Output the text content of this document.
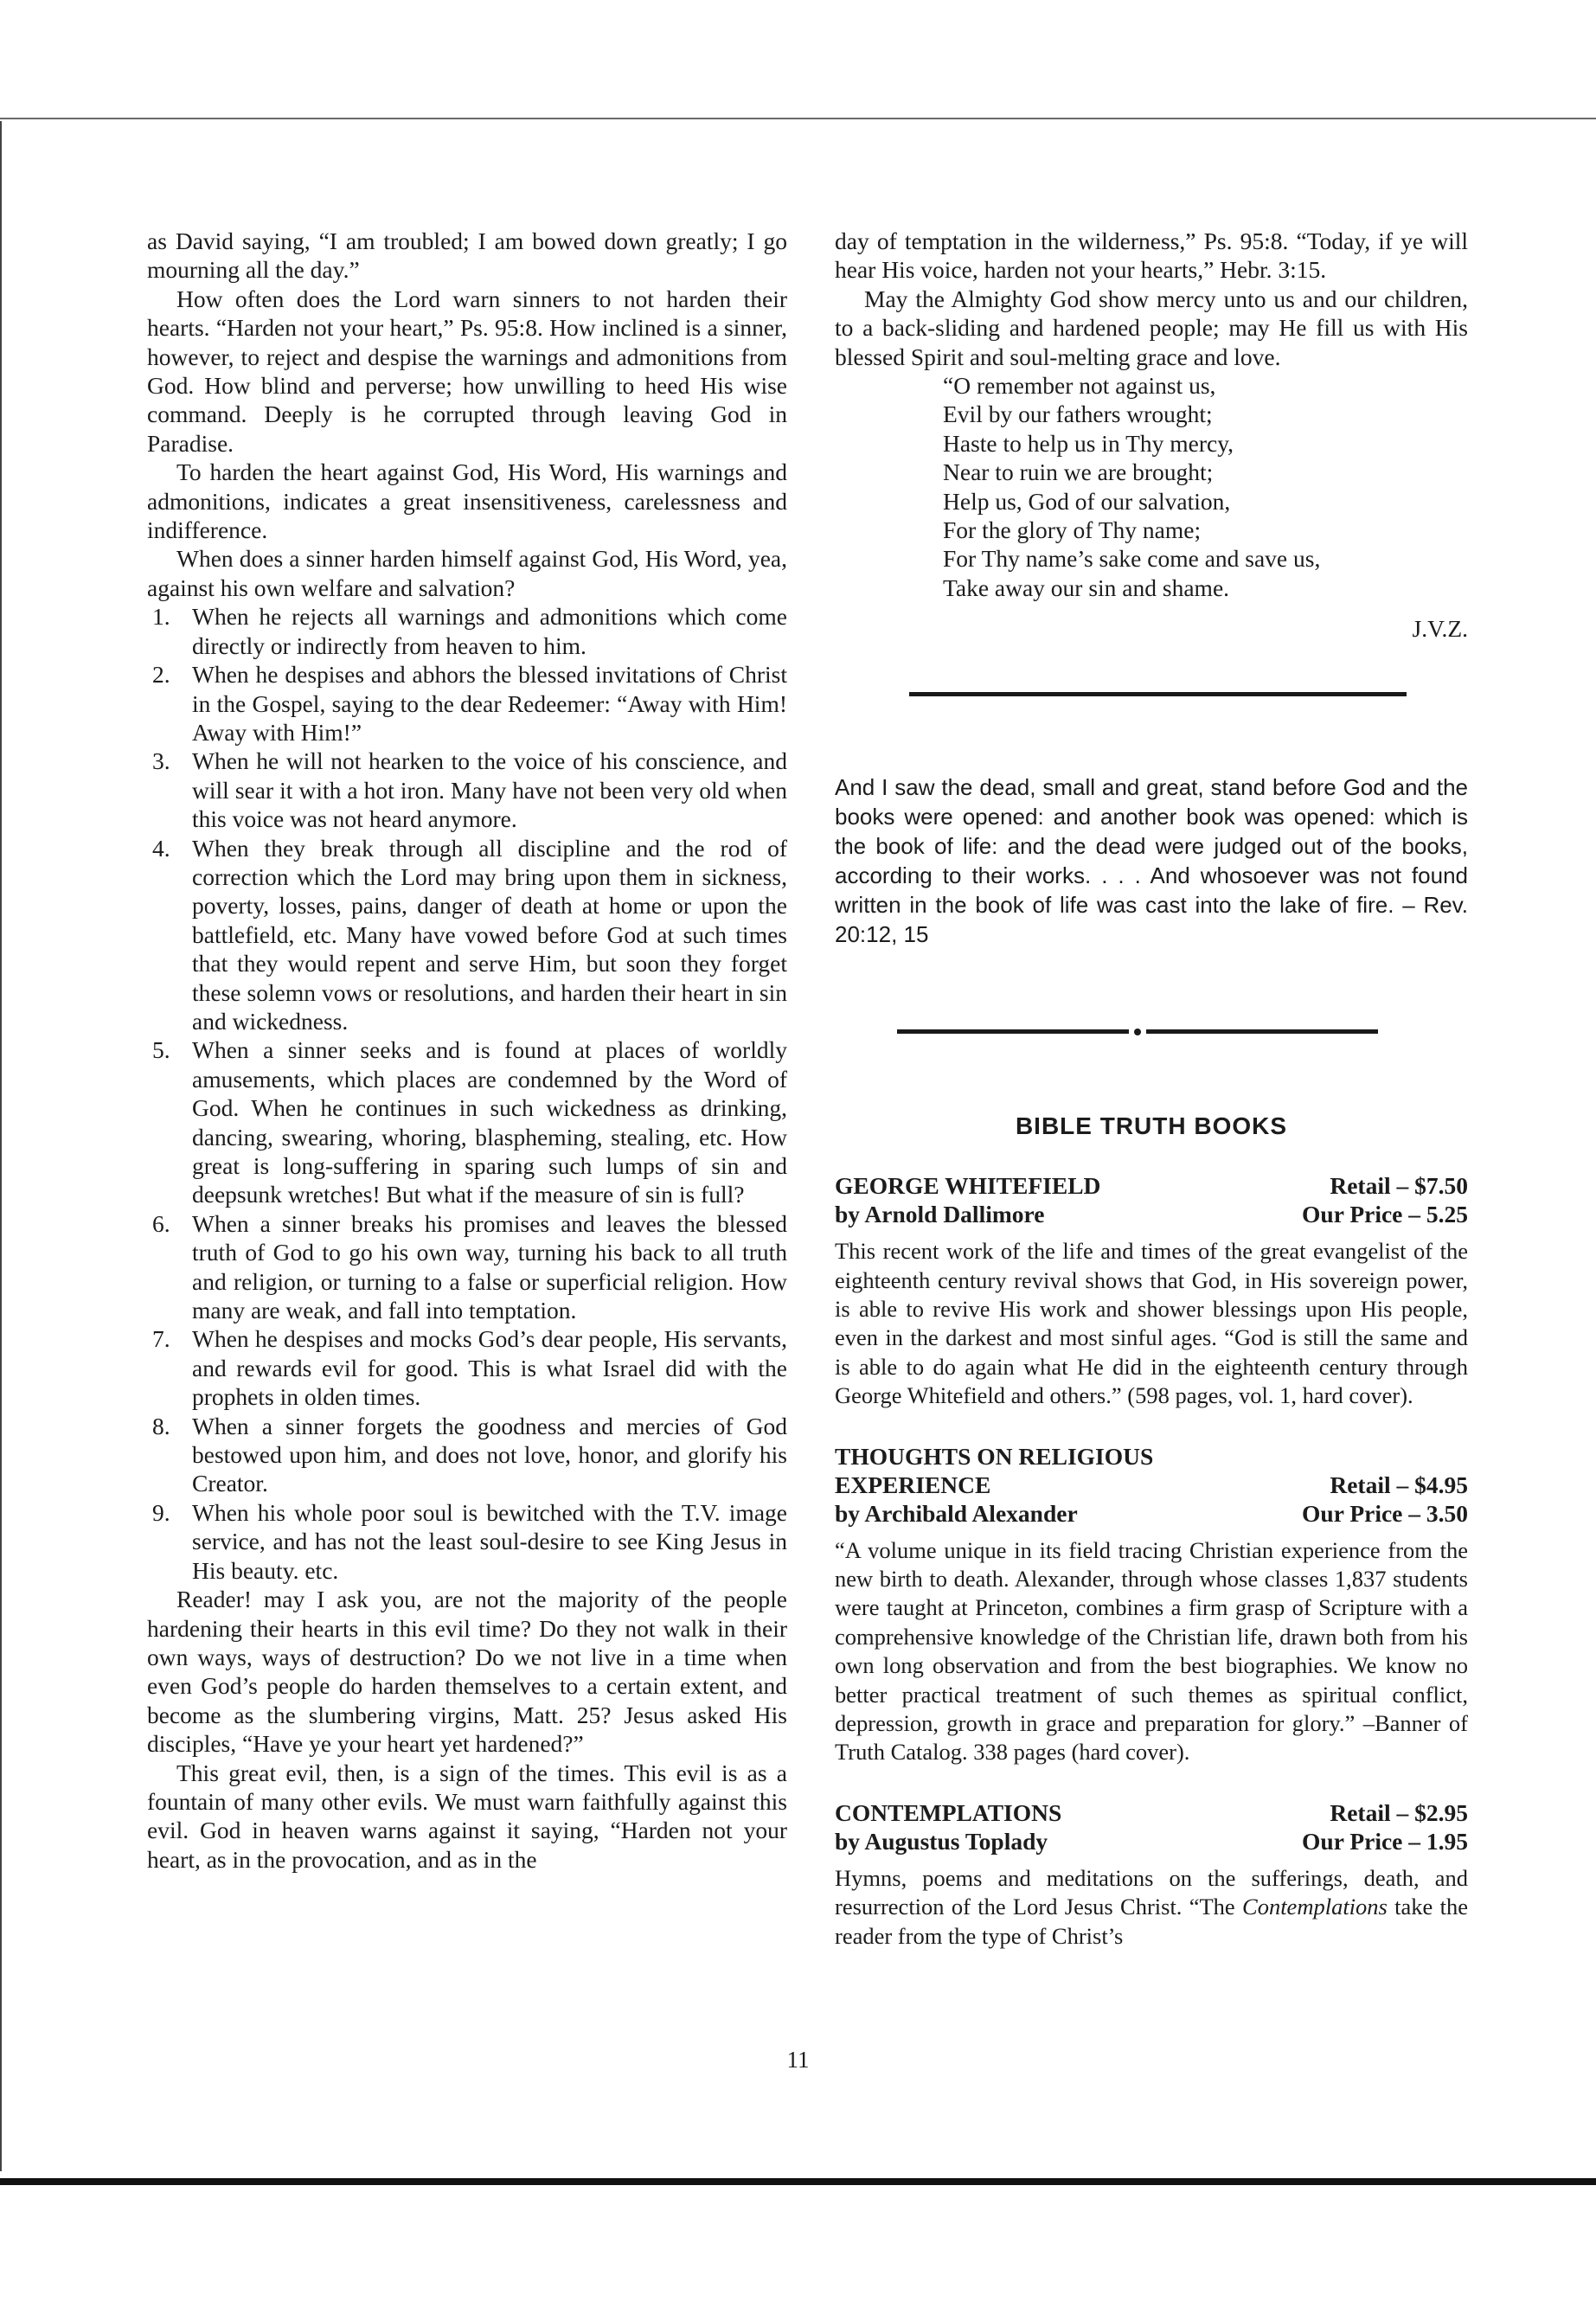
as David saying, “I am troubled; I am bowed down greatly; I go mourning all the day.”

How often does the Lord warn sinners to not harden their hearts. “Harden not your heart,” Ps. 95:8. How inclined is a sinner, however, to reject and despise the warnings and admonitions from God. How blind and perverse; how unwilling to heed His wise command. Deeply is he corrupted through leaving God in Paradise.

To harden the heart against God, His Word, His warnings and admonitions, indicates a great insensitiveness, carelessness and indifference.

When does a sinner harden himself against God, His Word, yea, against his own welfare and salvation?

1. When he rejects all warnings and admonitions which come directly or indirectly from heaven to him.
2. When he despises and abhors the blessed invitations of Christ in the Gospel, saying to the dear Redeemer: “Away with Him! Away with Him!”
3. When he will not hearken to the voice of his conscience, and will sear it with a hot iron. Many have not been very old when this voice was not heard anymore.
4. When they break through all discipline and the rod of correction which the Lord may bring upon them in sickness, poverty, losses, pains, danger of death at home or upon the battlefield, etc. Many have vowed before God at such times that they would repent and serve Him, but soon they forget these solemn vows or resolutions, and harden their heart in sin and wickedness.
5. When a sinner seeks and is found at places of worldly amusements, which places are condemned by the Word of God. When he continues in such wickedness as drinking, dancing, swearing, whoring, blaspheming, stealing, etc. How great is long-suffering in sparing such lumps of sin and deepsunk wretches! But what if the measure of sin is full?
6. When a sinner breaks his promises and leaves the blessed truth of God to go his own way, turning his back to all truth and religion, or turning to a false or superficial religion. How many are weak, and fall into temptation.
7. When he despises and mocks God’s dear people, His servants, and rewards evil for good. This is what Israel did with the prophets in olden times.
8. When a sinner forgets the goodness and mercies of God bestowed upon him, and does not love, honor, and glorify his Creator.
9. When his whole poor soul is bewitched with the T.V. image service, and has not the least soul-desire to see King Jesus in His beauty. etc.

Reader! may I ask you, are not the majority of the people hardening their hearts in this evil time? Do they not walk in their own ways, ways of destruction? Do we not live in a time when even God’s people do harden themselves to a certain extent, and become as the slumbering virgins, Matt. 25? Jesus asked His disciples, “Have ye your heart yet hardened?”

This great evil, then, is a sign of the times. This evil is as a fountain of many other evils. We must warn faithfully against this evil. God in heaven warns against it saying, “Harden not your heart, as in the provocation, and as in the

day of temptation in the wilderness,” Ps. 95:8. “Today, if ye will hear His voice, harden not your hearts,” Hebr. 3:15.

May the Almighty God show mercy unto us and our children, to a back-sliding and hardened people; may He fill us with His blessed Spirit and soul-melting grace and love.

“O remember not against us,
Evil by our fathers wrought;
Haste to help us in Thy mercy,
Near to ruin we are brought;
Help us, God of our salvation,
For the glory of Thy name;
For Thy name’s sake come and save us,
Take away our sin and shame.
J.V.Z.

And I saw the dead, small and great, stand before God and the books were opened: and another book was opened: which is the book of life: and the dead were judged out of the books, according to their works. . . . And whosoever was not found written in the book of life was cast into the lake of fire. – Rev. 20:12, 15

BIBLE TRUTH BOOKS
GEORGE WHITEFIELD
by Arnold Dallimore
Retail – $7.50
Our Price – 5.25

This recent work of the life and times of the great evangelist of the eighteenth century revival shows that God, in His sovereign power, is able to revive His work and shower blessings upon His people, even in the darkest and most sinful ages. “God is still the same and is able to do again what He did in the eighteenth century through George Whitefield and others.” (598 pages, vol. 1, hard cover).

THOUGHTS ON RELIGIOUS EXPERIENCE
by Archibald Alexander
Retail – $4.95
Our Price – 3.50

“A volume unique in its field tracing Christian experience from the new birth to death. Alexander, through whose classes 1,837 students were taught at Princeton, combines a firm grasp of Scripture with a comprehensive knowledge of the Christian life, drawn both from his own long observation and from the best biographies. We know no better practical treatment of such themes as spiritual conflict, depression, growth in grace and preparation for glory.” –Banner of Truth Catalog. 338 pages (hard cover).

CONTEMPLATIONS
by Augustus Toplady
Retail – $2.95
Our Price – 1.95

Hymns, poems and meditations on the sufferings, death, and resurrection of the Lord Jesus Christ. “The Contemplations take the reader from the type of Christ’s

11
